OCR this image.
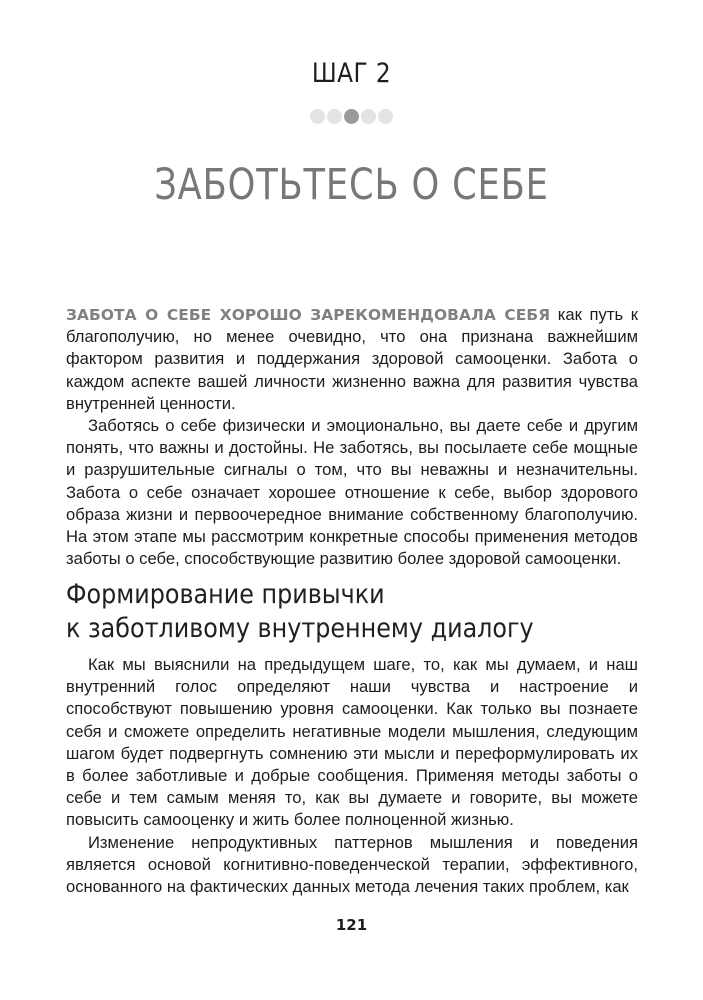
ШАГ 2
ЗАБОТЬТЕСЬ О СЕБЕ

ЗАБОТА О СЕБЕ ХОРОШО ЗАРЕКОМЕНДОВАЛА СЕБЯ как путь к благополучию, но менее очевидно, что она признана важнейшим фактором развития и поддержания здоровой самооценки. Забота о каждом аспекте вашей личности жизненно важна для развития чувства внутренней ценности.

Заботясь о себе физически и эмоционально, вы даете себе и другим понять, что важны и достойны. Не заботясь, вы посылаете себе мощные и разрушительные сигналы о том, что вы неважны и незначительны. Забота о себе означает хорошее отношение к себе, выбор здорового образа жизни и первоочередное внимание собственному благополучию. На этом этапе мы рассмотрим конкретные способы применения методов заботы о себе, способствующие развитию более здоровой самооценки.

Формирование привычки
к заботливому внутреннему диалогу

Как мы выяснили на предыдущем шаге, то, как мы думаем, и наш внутренний голос определяют наши чувства и настроение и способствуют повышению уровня самооценки. Как только вы познаете себя и сможете определить негативные модели мышления, следующим шагом будет подвергнуть сомнению эти мысли и переформулировать их в более заботливые и добрые сообщения. Применяя методы заботы о себе и тем самым меняя то, как вы думаете и говорите, вы можете повысить самооценку и жить более полноценной жизнью.

Изменение непродуктивных паттернов мышления и поведения является основой когнитивно-поведенческой терапии, эффективного, основанного на фактических данных метода лечения таких проблем, как

121
